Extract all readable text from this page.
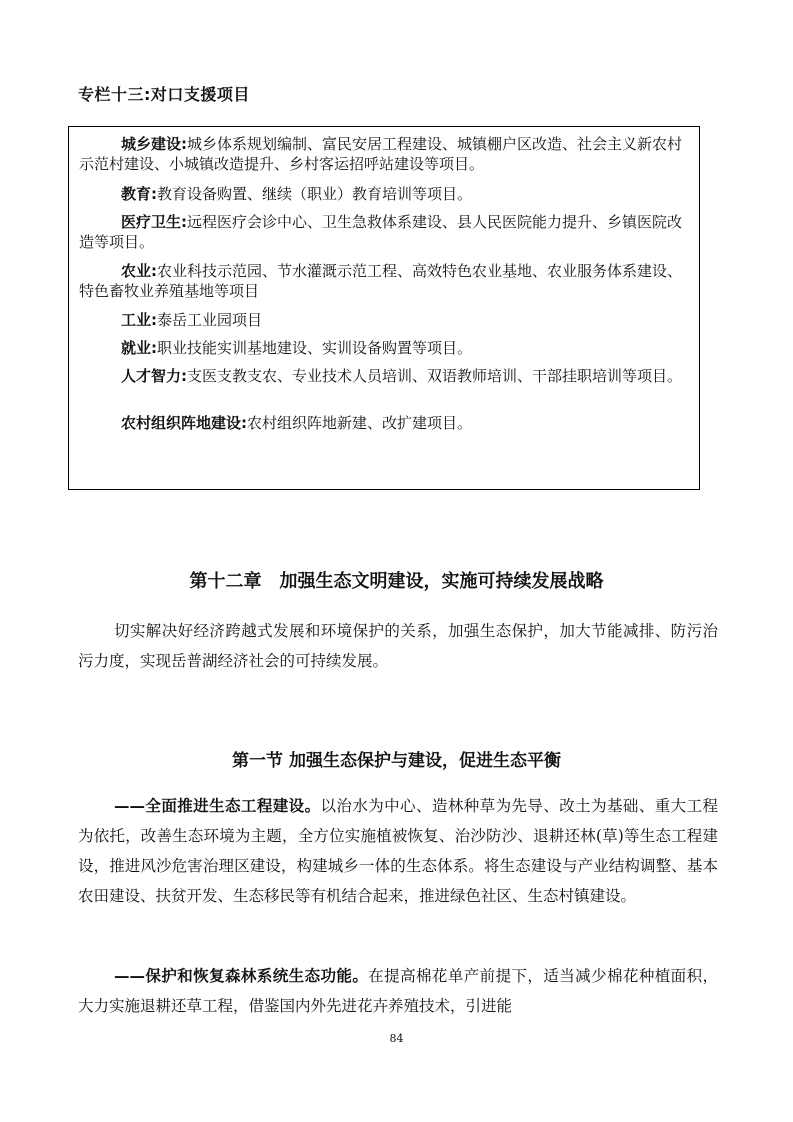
专栏十三:对口支援项目
城乡建设:城乡体系规划编制、富民安居工程建设、城镇棚户区改造、社会主义新农村示范村建设、小城镇改造提升、乡村客运招呼站建设等项目。
教育:教育设备购置、继续（职业）教育培训等项目。
医疗卫生:远程医疗会诊中心、卫生急救体系建设、县人民医院能力提升、乡镇医院改造等项目。
农业:农业科技示范园、节水灌溉示范工程、高效特色农业基地、农业服务体系建设、特色畜牧业养殖基地等项目
工业:泰岳工业园项目
就业:职业技能实训基地建设、实训设备购置等项目。
人才智力:支医支教支农、专业技术人员培训、双语教师培训、干部挂职培训等项目。
农村组织阵地建设:农村组织阵地新建、改扩建项目。
第十二章　加强生态文明建设，实施可持续发展战略
切实解决好经济跨越式发展和环境保护的关系，加强生态保护，加大节能减排、防污治污力度，实现岳普湖经济社会的可持续发展。
第一节 加强生态保护与建设，促进生态平衡
——全面推进生态工程建设。以治水为中心、造林种草为先导、改土为基础、重大工程为依托，改善生态环境为主题，全方位实施植被恢复、治沙防沙、退耕还林(草)等生态工程建设，推进风沙危害治理区建设，构建城乡一体的生态体系。将生态建设与产业结构调整、基本农田建设、扶贫开发、生态移民等有机结合起来，推进绿色社区、生态村镇建设。
——保护和恢复森林系统生态功能。在提高棉花单产前提下，适当减少棉花种植面积，大力实施退耕还草工程，借鉴国内外先进花卉养殖技术，引进能
84
